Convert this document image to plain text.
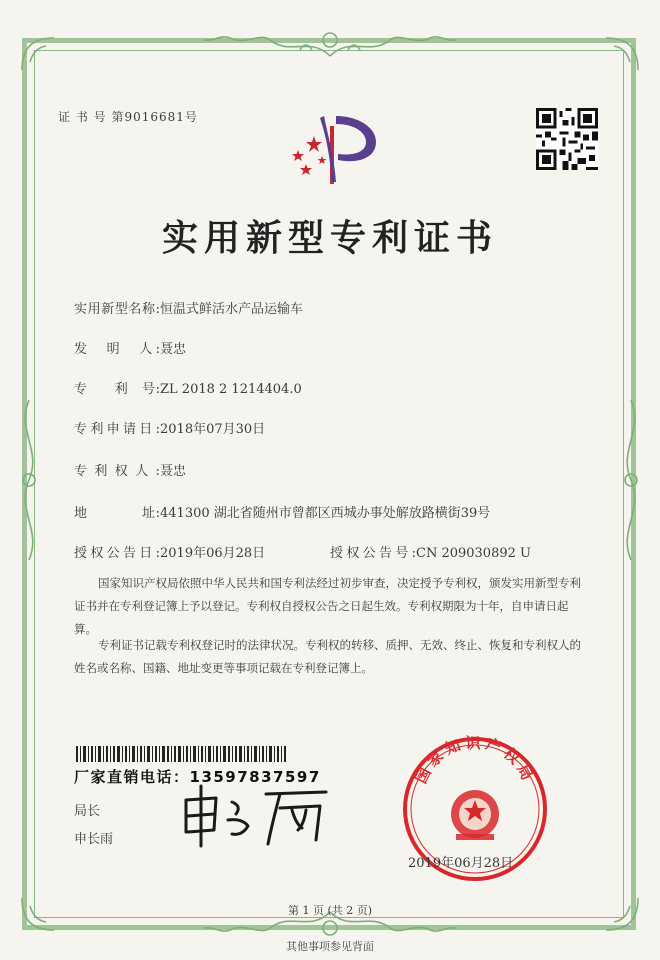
证 书 号 第9016681号
实用新型专利证书
实用新型名称:恒温式鲜活水产品运输车
发　明　人:聂忠
专　　利　号:ZL 2018 2 1214404.0
专利申请日:2018年07月30日
专利权人:聂忠
地　　　　址:441300 湖北省随州市曾都区西城办事处解放路横街39号
授权公告日:2019年06月28日	授权公告号:CN 209030892 U
国家知识产权局依照中华人民共和国专利法经过初步审查，决定授予专利权，颁发实用新型专利证书并在专利登记簿上予以登记。专利权自授权公告之日起生效。专利权期限为十年，自申请日起算。
专利证书记载专利权登记时的法律状况。专利权的转移、质押、无效、终止、恢复和专利权人的姓名或名称、国籍、地址变更等事项记载在专利登记簿上。
厂家直销电话：13597837597
局长
申长雨
国家知识产权局
2019年06月28日
第 1 页 (共 2 页)
其他事项参见背面
